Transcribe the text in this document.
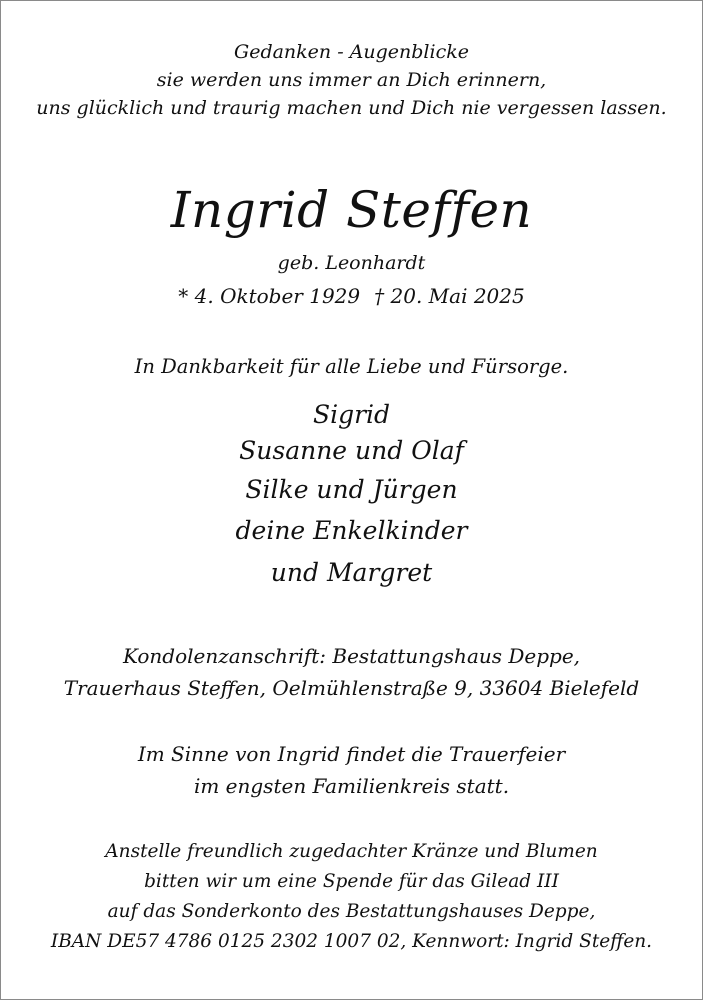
Gedanken - Augenblicke
sie werden uns immer an Dich erinnern,
uns glücklich und traurig machen und Dich nie vergessen lassen.
Ingrid Steffen
geb. Leonhardt
* 4. Oktober 1929 † 20. Mai 2025
In Dankbarkeit für alle Liebe und Fürsorge.
Sigrid
Susanne und Olaf
Silke und Jürgen
deine Enkelkinder
und Margret
Kondolenzanschrift: Bestattungshaus Deppe,
Trauerhaus Steffen, Oelmühlenstraße 9, 33604 Bielefeld
Im Sinne von Ingrid findet die Trauerfeier
im engsten Familienkreis statt.
Anstelle freundlich zugedachter Kränze und Blumen
bitten wir um eine Spende für das Gilead III
auf das Sonderkonto des Bestattungshauses Deppe,
IBAN DE57 4786 0125 2302 1007 02, Kennwort: Ingrid Steffen.
